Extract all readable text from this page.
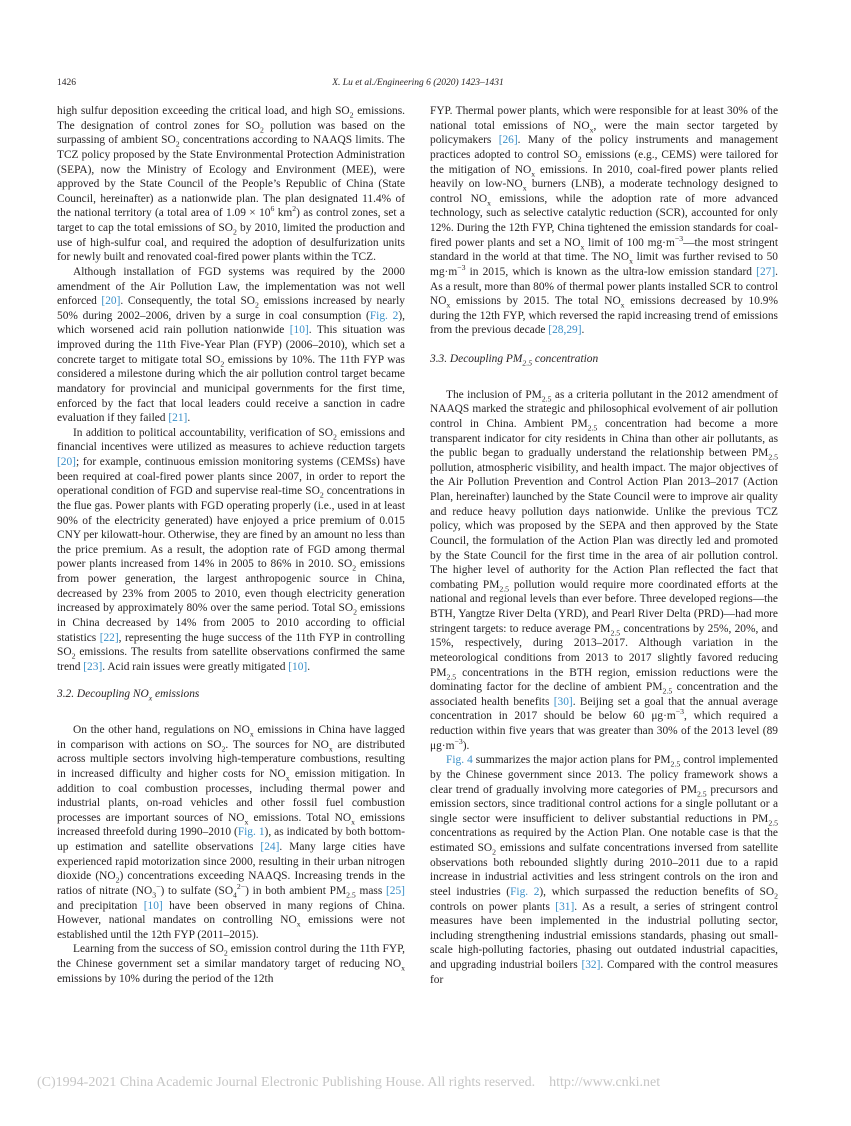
1426	X. Lu et al./Engineering 6 (2020) 1423–1431

high sulfur deposition exceeding the critical load, and high $SO_2$ emissions. The designation of control zones for $SO_2$ pollution was based on the surpassing of ambient $SO_2$ concentrations according to NAAQS limits. The TCZ policy proposed by the State Environmental Protection Administration (SEPA), now the Ministry of Ecology and Environment (MEE), were approved by the State Council of the People’s Republic of China (State Council, hereinafter) as a nationwide plan. The plan designated 11.4% of the national territory (a total area of $1.09 \times 10^6$ $km^2$) as control zones, set a target to cap the total emissions of $SO_2$ by 2010, limited the production and use of high-sulfur coal, and required the adoption of desulfurization units for newly built and renovated coal-fired power plants within the TCZ.

Although installation of FGD systems was required by the 2000 amendment of the Air Pollution Law, the implementation was not well enforced [20]. Consequently, the total $SO_2$ emissions increased by nearly 50% during 2002–2006, driven by a surge in coal consumption (Fig. 2), which worsened acid rain pollution nationwide [10]. This situation was improved during the 11th Five-Year Plan (FYP) (2006–2010), which set a concrete target to mitigate total $SO_2$ emissions by 10%. The 11th FYP was considered a milestone during which the air pollution control target became mandatory for provincial and municipal governments for the first time, enforced by the fact that local leaders could receive a sanction in cadre evaluation if they failed [21].

In addition to political accountability, verification of $SO_2$ emissions and financial incentives were utilized as measures to achieve reduction targets [20]; for example, continuous emission monitoring systems (CEMSs) have been required at coal-fired power plants since 2007, in order to report the operational condition of FGD and supervise real-time $SO_2$ concentrations in the flue gas. Power plants with FGD operating properly (i.e., used in at least 90% of the electricity generated) have enjoyed a price premium of 0.015 CNY per kilowatt-hour. Otherwise, they are fined by an amount no less than the price premium. As a result, the adoption rate of FGD among thermal power plants increased from 14% in 2005 to 86% in 2010. $SO_2$ emissions from power generation, the largest anthropogenic source in China, decreased by 23% from 2005 to 2010, even though electricity generation increased by approximately 80% over the same period. Total $SO_2$ emissions in China decreased by 14% from 2005 to 2010 according to official statistics [22], representing the huge success of the 11th FYP in controlling $SO_2$ emissions. The results from satellite observations confirmed the same trend [23]. Acid rain issues were greatly mitigated [10].

3.2. Decoupling $NO_x$ emissions

On the other hand, regulations on $NO_x$ emissions in China have lagged in comparison with actions on $SO_2$. The sources for $NO_x$ are distributed across multiple sectors involving high-temperature combustions, resulting in increased difficulty and higher costs for $NO_x$ emission mitigation. In addition to coal combustion processes, including thermal power and industrial plants, on-road vehicles and other fossil fuel combustion processes are important sources of $NO_x$ emissions. Total $NO_x$ emissions increased threefold during 1990–2010 (Fig. 1), as indicated by both bottom-up estimation and satellite observations [24]. Many large cities have experienced rapid motorization since 2000, resulting in their urban nitrogen dioxide $(NO_2)$ concentrations exceeding NAAQS. Increasing trends in the ratios of nitrate $(NO_3^-)$ to sulfate $(SO_4^{2-})$ in both ambient $PM_{2.5}$ mass [25] and precipitation [10] have been observed in many regions of China. However, national mandates on controlling $NO_x$ emissions were not established until the 12th FYP (2011–2015).

Learning from the success of $SO_2$ emission control during the 11th FYP, the Chinese government set a similar mandatory target of reducing $NO_x$ emissions by 10% during the period of the 12th

FYP. Thermal power plants, which were responsible for at least 30% of the national total emissions of $NO_x$, were the main sector targeted by policymakers [26]. Many of the policy instruments and management practices adopted to control $SO_2$ emissions (e.g., CEMS) were tailored for the mitigation of $NO_x$ emissions. In 2010, coal-fired power plants relied heavily on low-$NO_x$ burners (LNB), a moderate technology designed to control $NO_x$ emissions, while the adoption rate of more advanced technology, such as selective catalytic reduction (SCR), accounted for only 12%. During the 12th FYP, China tightened the emission standards for coal-fired power plants and set a $NO_x$ limit of 100 $mg\cdot m^{-3}—the$ most stringent standard in the world at that time. The $NO_x$ limit was further revised to 50 $mg\cdot m^{-3}$ in 2015, which is known as the ultra-low emission standard [27]. As a result, more than 80% of thermal power plants installed SCR to control $NO_x$ emissions by 2015. The total $NO_x$ emissions decreased by 10.9% during the 12th FYP, which reversed the rapid increasing trend of emissions from the previous decade [28,29].

3.3. Decoupling $PM_{2.5}$ concentration

The inclusion of $PM_{2.5}$ as a criteria pollutant in the 2012 amendment of NAAQS marked the strategic and philosophical evolvement of air pollution control in China. Ambient $PM_{2.5}$ concentration had become a more transparent indicator for city residents in China than other air pollutants, as the public began to gradually understand the relationship between $PM_{2.5}$ pollution, atmospheric visibility, and health impact. The major objectives of the Air Pollution Prevention and Control Action Plan 2013–2017 (Action Plan, hereinafter) launched by the State Council were to improve air quality and reduce heavy pollution days nationwide. Unlike the previous TCZ policy, which was proposed by the SEPA and then approved by the State Council, the formulation of the Action Plan was directly led and promoted by the State Council for the first time in the area of air pollution control. The higher level of authority for the Action Plan reflected the fact that combating $PM_{2.5}$ pollution would require more coordinated efforts at the national and regional levels than ever before. Three developed regions—the BTH, Yangtze River Delta (YRD), and Pearl River Delta (PRD)—had more stringent targets: to reduce average $PM_{2.5}$ concentrations by 25%, 20%, and 15%, respectively, during 2013–2017. Although variation in the meteorological conditions from 2013 to 2017 slightly favored reducing $PM_{2.5}$ concentrations in the BTH region, emission reductions were the dominating factor for the decline of ambient $PM_{2.5}$ concentration and the associated health benefits [30]. Beijing set a goal that the annual average concentration in 2017 should be below 60 $\mu g\cdot m^{-3}$, which required a reduction within five years that was greater than 30% of the 2013 level (89 $\mu g\cdot m^{-3}$).

Fig. 4 summarizes the major action plans for $PM_{2.5}$ control implemented by the Chinese government since 2013. The policy framework shows a clear trend of gradually involving more categories of $PM_{2.5}$ precursors and emission sectors, since traditional control actions for a single pollutant or a single sector were insufficient to deliver substantial reductions in $PM_{2.5}$ concentrations as required by the Action Plan. One notable case is that the estimated $SO_2$ emissions and sulfate concentrations inversed from satellite observations both rebounded slightly during 2010–2011 due to a rapid increase in industrial activities and less stringent controls on the iron and steel industries (Fig. 2), which surpassed the reduction benefits of $SO_2$ controls on power plants [31]. As a result, a series of stringent control measures have been implemented in the industrial polluting sector, including strengthening industrial emissions standards, phasing out small-scale high-polluting factories, phasing out outdated industrial capacities, and upgrading industrial boilers [32]. Compared with the control measures for

(C)1994-2021 China Academic Journal Electronic Publishing House. All rights reserved. http://www.cnki.net
